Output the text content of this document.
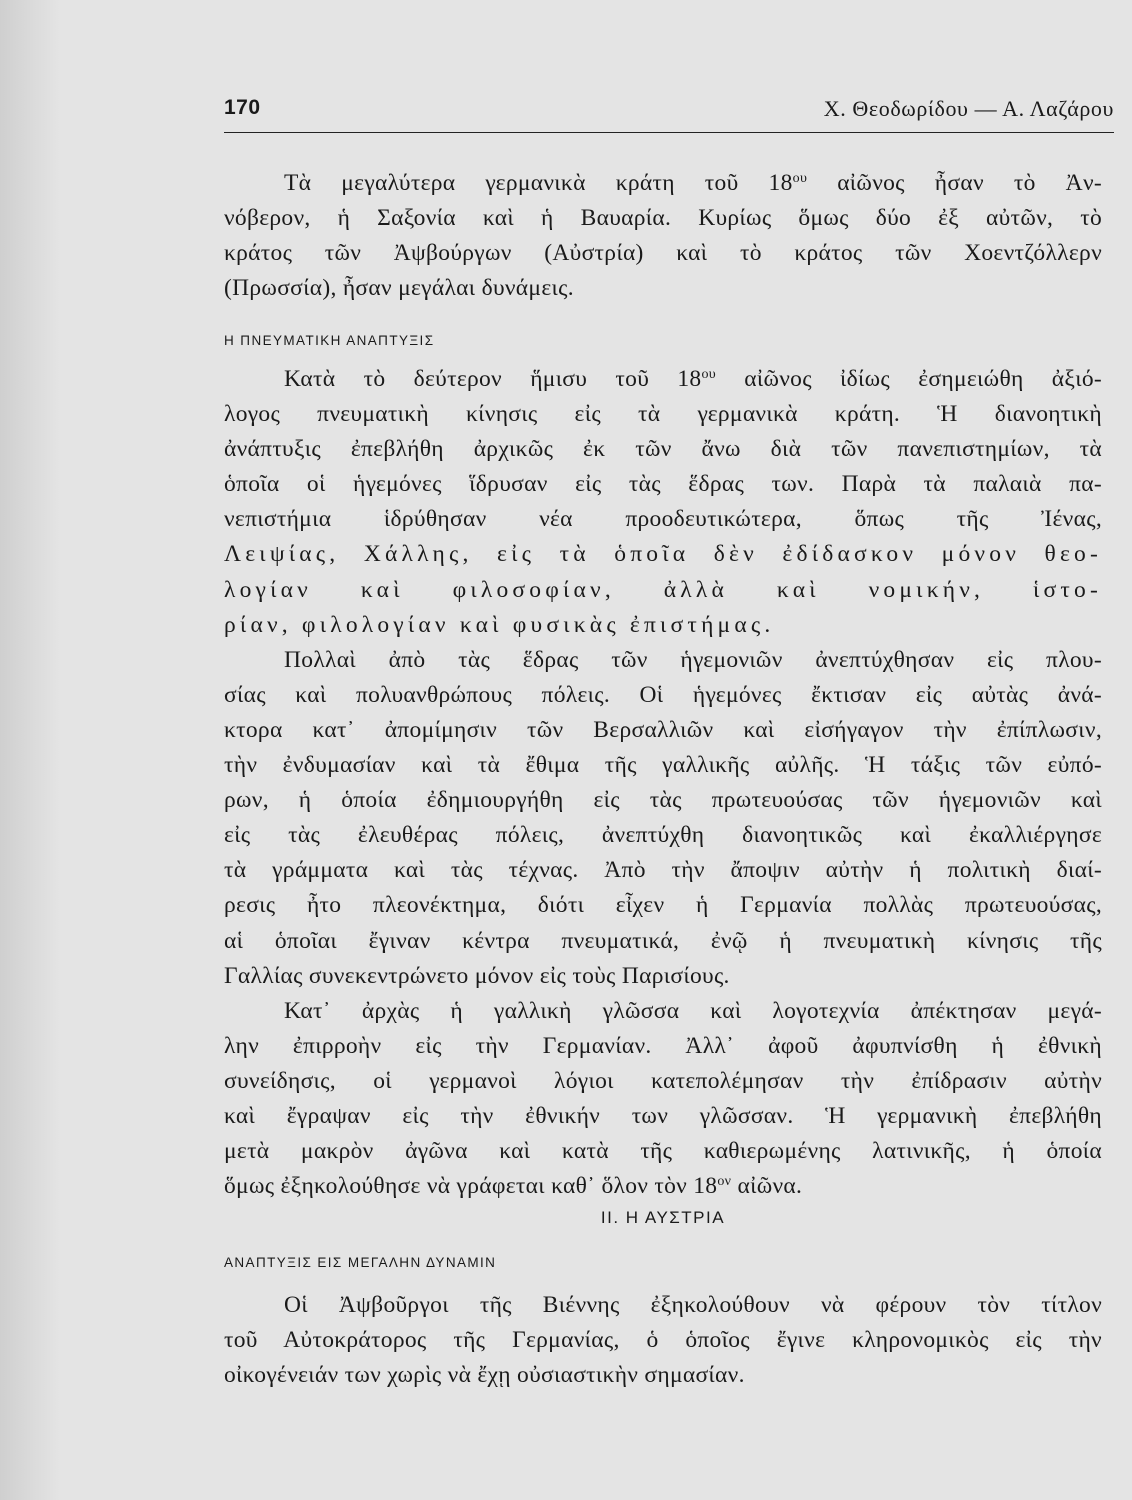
170	Χ. Θεοδωρίδου — Α. Λαζάρου
Τὰ μεγαλύτερα γερμανικὰ κράτη τοῦ $18^{o\upsilon}$ αἰῶνος ἦσαν τὸ Ἀν-
νόβερον, ἡ Σαξονία καὶ ἡ Βαυαρία. Κυρίως ὅμως δύο ἐξ αὐτῶν, τὸ
κράτος τῶν Ἀψβούργων (Αὐστρία) καὶ τὸ κράτος τῶν Χοεντζόλλερν
(Πρωσσία), ἦσαν μεγάλαι δυνάμεις.
Η ΠΝΕΥΜΑΤΙΚΗ ΑΝΑΠΤΥΞΙΣ
Κατὰ τὸ δεύτερον ἥμισυ τοῦ $18^{o\upsilon}$ αἰῶνος ἰδίως ἐσημειώθη ἀξιό-
λογος πνευματικὴ κίνησις εἰς τὰ γερμανικὰ κράτη. Ἡ διανοητικὴ
ἀνάπτυξις ἐπεβλήθη ἀρχικῶς ἐκ τῶν ἄνω διὰ τῶν πανεπιστημίων, τὰ
ὁποῖα οἱ ἡγεμόνες ἵδρυσαν εἰς τὰς ἕδρας των. Παρὰ τὰ παλαιὰ πα-
νεπιστήμια ἱδρύθησαν νέα προοδευτικώτερα, ὅπως τῆς Ἰένας,
Λειψίας, Χάλλης, εἰς τὰ ὁποῖα δὲν ἐδίδασκον μόνον θεο-
λογίαν καὶ φιλοσοφίαν, ἀλλὰ καὶ νομικήν, ἱστο-
ρίαν, φιλολογίαν καὶ φυσικὰς ἐπιστήμας.
Πολλαὶ ἀπὸ τὰς ἕδρας τῶν ἡγεμονιῶν ἀνεπτύχθησαν εἰς πλου-
σίας καὶ πολυανθρώπους πόλεις. Οἱ ἡγεμόνες ἔκτισαν εἰς αὐτὰς ἀνά-
κτορα κατ᾽ ἀπομίμησιν τῶν Βερσαλλιῶν καὶ εἰσήγαγον τὴν ἐπίπλωσιν,
τὴν ἐνδυμασίαν καὶ τὰ ἔθιμα τῆς γαλλικῆς αὐλῆς. Ἡ τάξις τῶν εὐπό-
ρων, ἡ ὁποία ἐδημιουργήθη εἰς τὰς πρωτευούσας τῶν ἡγεμονιῶν καὶ
εἰς τὰς ἐλευθέρας πόλεις, ἀνεπτύχθη διανοητικῶς καὶ ἐκαλλιέργησε
τὰ γράμματα καὶ τὰς τέχνας. Ἀπὸ τὴν ἄποψιν αὐτὴν ἡ πολιτικὴ διαί-
ρεσις ἦτο πλεονέκτημα, διότι εἶχεν ἡ Γερμανία πολλὰς πρωτευούσας,
αἱ ὁποῖαι ἔγιναν κέντρα πνευματικά, ἐνῷ ἡ πνευματικὴ κίνησις τῆς
Γαλλίας συνεκεντρώνετο μόνον εἰς τοὺς Παρισίους.
Κατ᾽ ἀρχὰς ἡ γαλλικὴ γλῶσσα καὶ λογοτεχνία ἀπέκτησαν μεγά-
λην ἐπιρροὴν εἰς τὴν Γερμανίαν. Ἀλλ᾽ ἀφοῦ ἀφυπνίσθη ἡ ἐθνικὴ
συνείδησις, οἱ γερμανοὶ λόγιοι κατεπολέμησαν τὴν ἐπίδρασιν αὐτὴν
καὶ ἔγραψαν εἰς τὴν ἐθνικήν των γλῶσσαν. Ἡ γερμανικὴ ἐπεβλήθη
μετὰ μακρὸν ἀγῶνα καὶ κατὰ τῆς καθιερωμένης λατινικῆς, ἡ ὁποία
ὅμως ἐξηκολούθησε νὰ γράφεται καθ᾽ ὅλον τὸν $18^{o\nu}$ αἰῶνα.
II. Η ΑΥΣΤΡΙΑ
ΑΝΑΠΤΥΞΙΣ ΕΙΣ ΜΕΓΑΛΗΝ ΔΥΝΑΜΙΝ
Οἱ Ἀψβοῦργοι τῆς Βιέννης ἐξηκολούθουν νὰ φέρουν τὸν τίτλον
τοῦ Αὐτοκράτορος τῆς Γερμανίας, ὁ ὁποῖος ἔγινε κληρονομικὸς εἰς τὴν
οἰκογένειάν των χωρὶς νὰ ἔχῃ οὐσιαστικὴν σημασίαν.
